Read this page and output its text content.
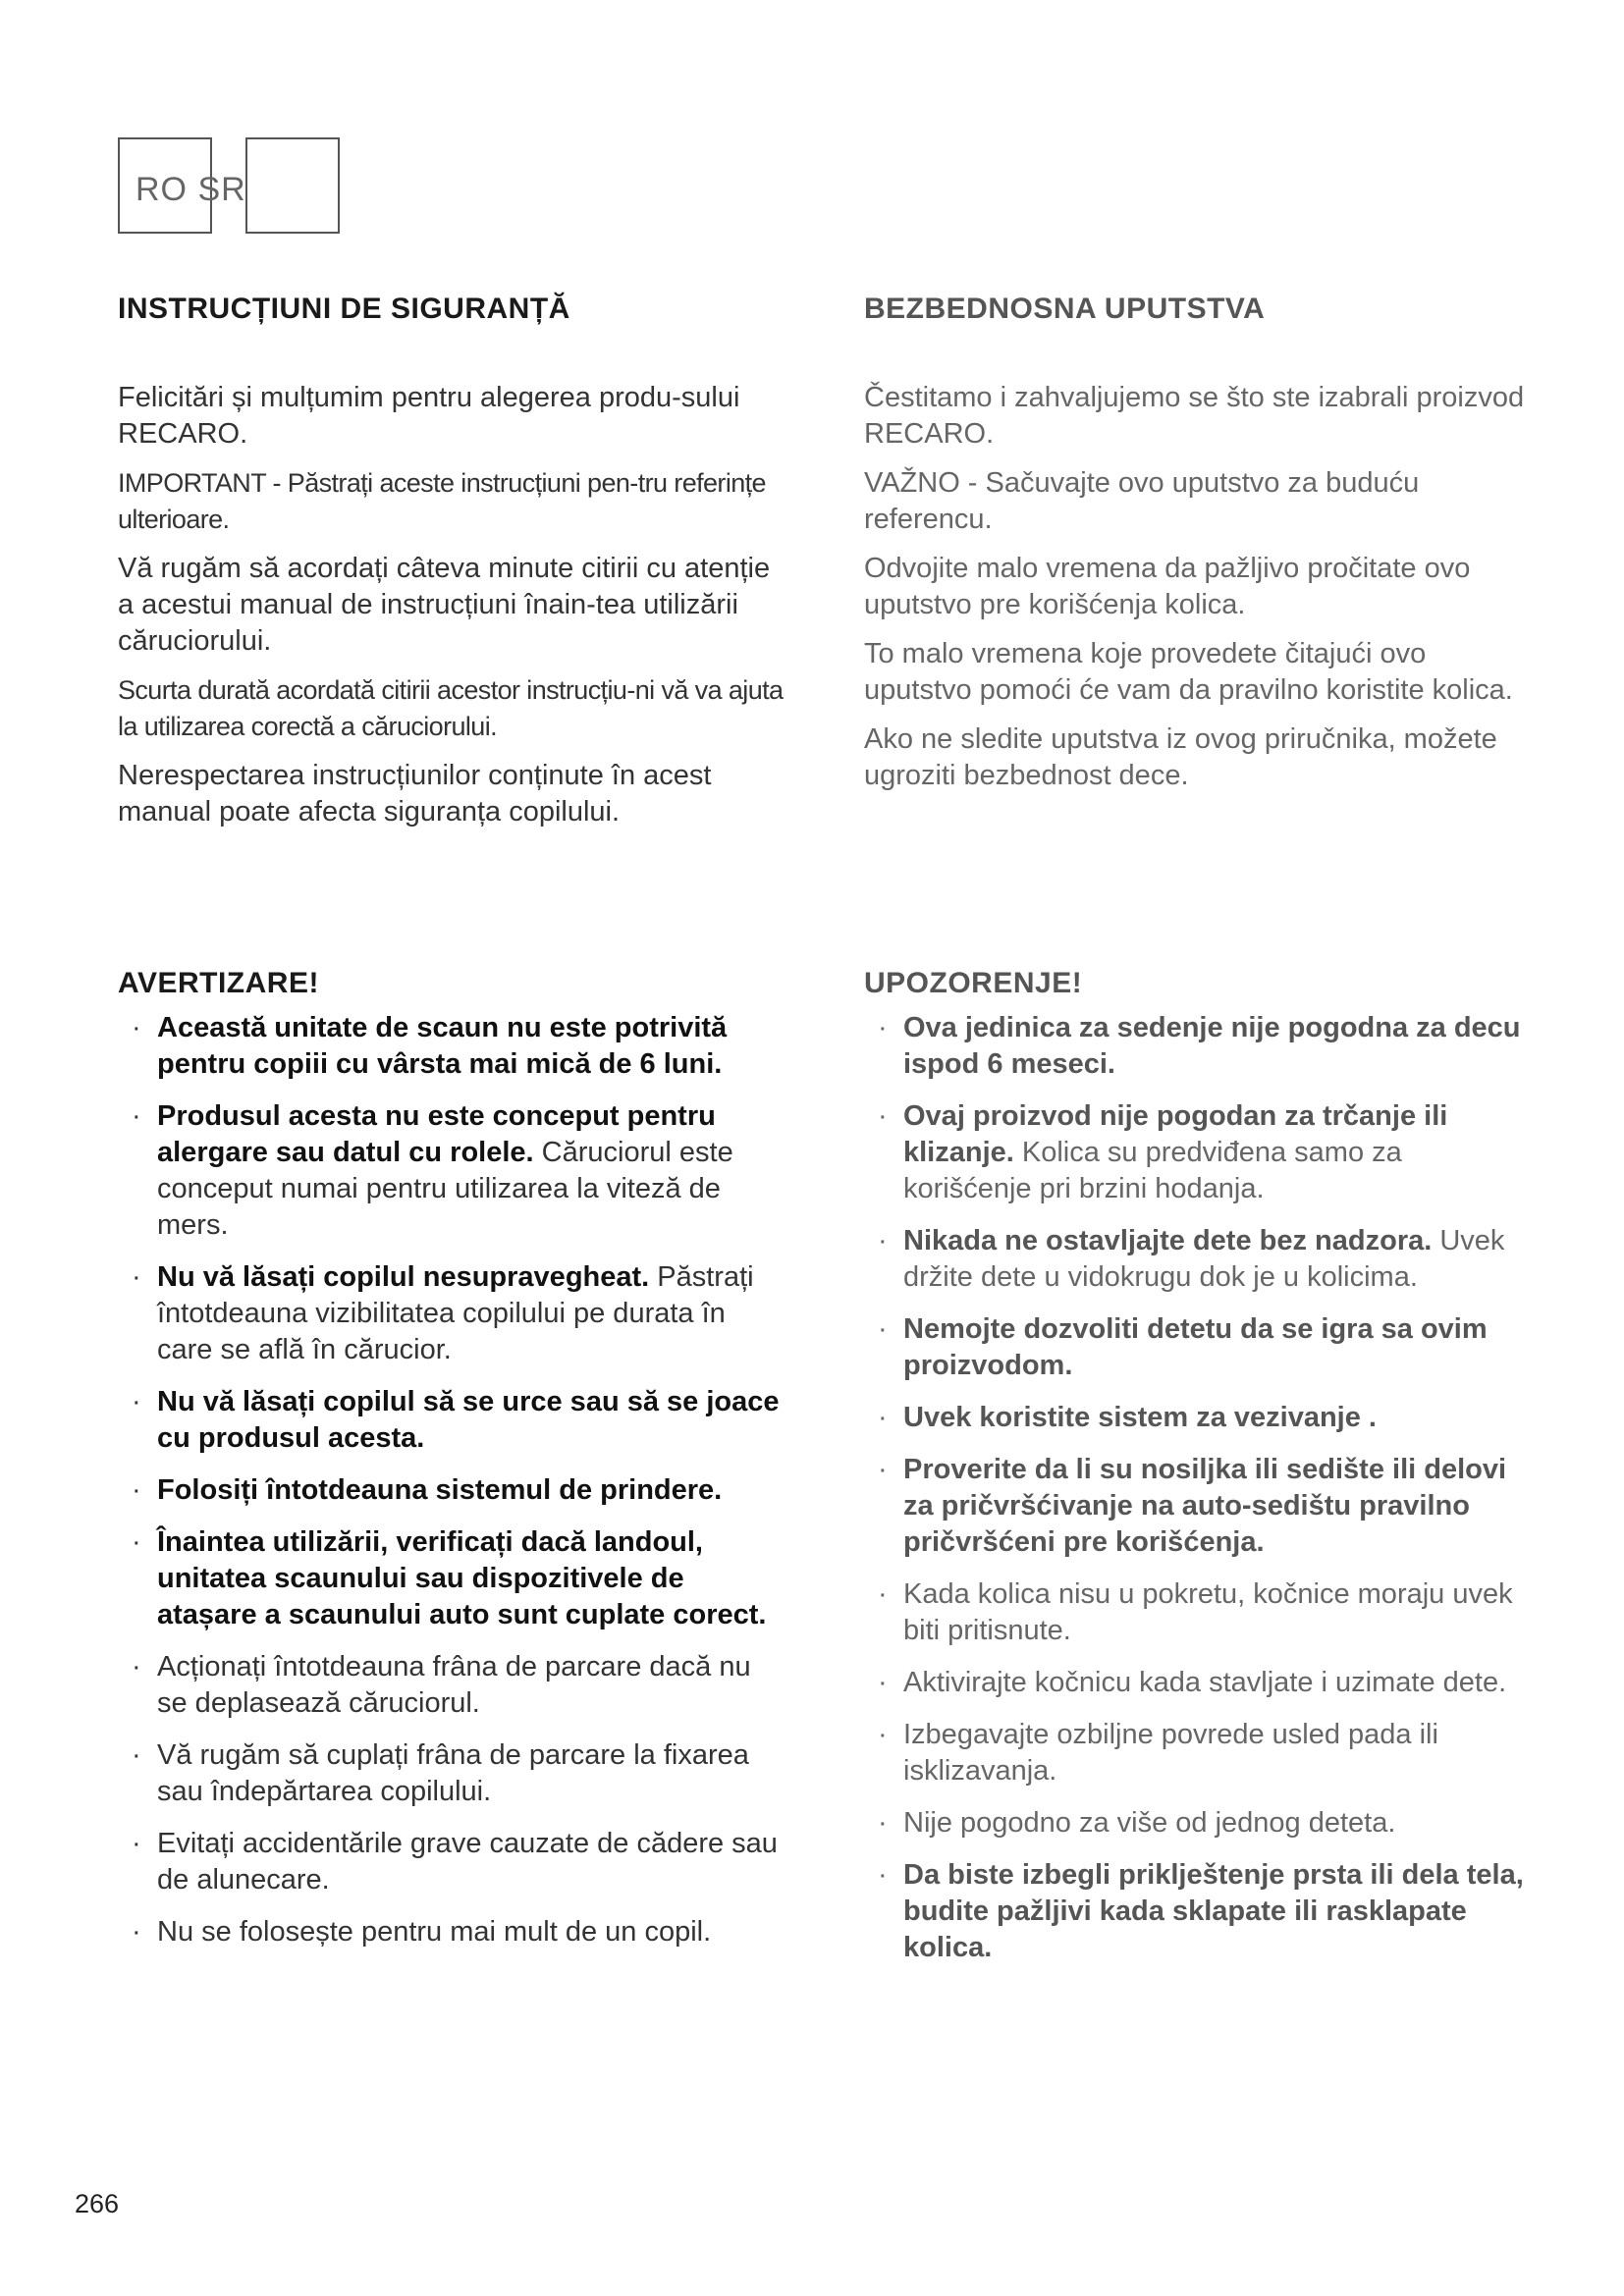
RO SR
INSTRUCȚIUNI DE SIGURANȚĂ

Felicitări și mulțumim pentru alegerea produ-sului RECARO.

IMPORTANT - Păstrați aceste instrucțiuni pen-tru referințe ulterioare.

Vă rugăm să acordați câteva minute citirii cu atenție a acestui manual de instrucțiuni înain-tea utilizării căruciorului.

Scurta durată acordată citirii acestor instrucțiu-ni vă va ajuta la utilizarea corectă a căruciorului.

Nerespectarea instrucțiunilor conținute în acest manual poate afecta siguranța copilului.

BEZBEDNOSNA UPUTSTVA

Čestitamo i zahvaljujemo se što ste izabrali proizvod RECARO.

VAŽNO - Sačuvajte ovo uputstvo za buduću referencu.

Odvojite malo vremena da pažljivo pročitate ovo uputstvo pre korišćenja kolica.

To malo vremena koje provedete čitajući ovo uputstvo pomoći će vam da pravilno koristite kolica.

Ako ne sledite uputstva iz ovog priručnika, možete ugroziti bezbednost dece.

AVERTIZARE!
· Această unitate de scaun nu este potrivită pentru copiii cu vârsta mai mică de 6 luni.
· Produsul acesta nu este conceput pentru alergare sau datul cu rolele. Căruciorul este conceput numai pentru utilizarea la viteză de mers.
· Nu vă lăsați copilul nesupravegheat. Păstrați întotdeauna vizibilitatea copilului pe durata în care se află în cărucior.
· Nu vă lăsați copilul să se urce sau să se joace cu produsul acesta.
· Folosiți întotdeauna sistemul de prindere.
· Înaintea utilizării, verificați dacă landoul, unitatea scaunului sau dispozitivele de atașare a scaunului auto sunt cuplate corect.
· Acționați întotdeauna frâna de parcare dacă nu se deplasează căruciorul.
· Vă rugăm să cuplați frâna de parcare la fixarea sau îndepărtarea copilului.
· Evitați accidentările grave cauzate de cădere sau de alunecare.
· Nu se folosește pentru mai mult de un copil.
UPOZORENJE!
· Ova jedinica za sedenje nije pogodna za decu ispod 6 meseci.
· Ovaj proizvod nije pogodan za trčanje ili klizanje. Kolica su predviđena samo za korišćenje pri brzini hodanja.
· Nikada ne ostavljajte dete bez nadzora. Uvek držite dete u vidokrugu dok je u kolicima.
· Nemojte dozvoliti detetu da se igra sa ovim proizvodom.
· Uvek koristite sistem za vezivanje .
· Proverite da li su nosiljka ili sedište ili delovi za pričvršćivanje na auto-sedištu pravilno pričvršćeni pre korišćenja.
· Kada kolica nisu u pokretu, kočnice moraju uvek biti pritisnute.
· Aktivirajte kočnicu kada stavljate i uzimate dete.
· Izbegavajte ozbiljne povrede usled pada ili isklizavanja.
· Nije pogodno za više od jednog deteta.
· Da biste izbegli priklještenje prsta ili dela tela, budite pažljivi kada sklapate ili rasklapate kolica.
266
